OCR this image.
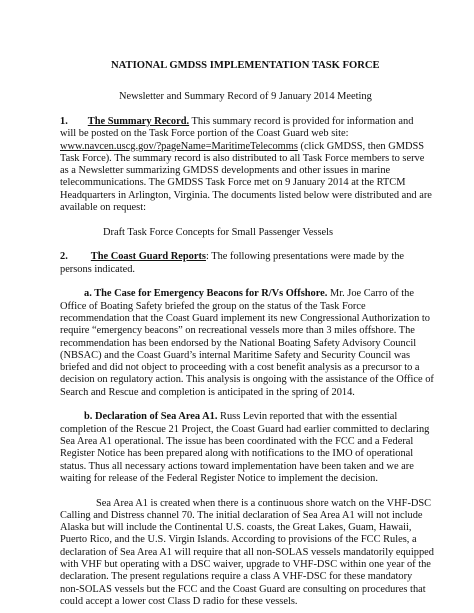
NATIONAL GMDSS IMPLEMENTATION TASK FORCE
Newsletter and Summary Record of 9 January 2014 Meeting
1. The Summary Record. This summary record is provided for information and
will be posted on the Task Force portion of the Coast Guard web site:
www.navcen.uscg.gov/?pageName=MaritimeTelecomms (click GMDSS, then GMDSS
Task Force). The summary record is also distributed to all Task Force members to serve
as a Newsletter summarizing GMDSS developments and other issues in marine
telecommunications. The GMDSS Task Force met on 9 January 2014 at the RTCM
Headquarters in Arlington, Virginia. The documents listed below were distributed and are
available on request:
Draft Task Force Concepts for Small Passenger Vessels
2. The Coast Guard Reports: The following presentations were made by the
persons indicated.
a. The Case for Emergency Beacons for R/Vs Offshore. Mr. Joe Carro of the
Office of Boating Safety briefed the group on the status of the Task Force
recommendation that the Coast Guard implement its new Congressional Authorization to
require “emergency beacons” on recreational vessels more than 3 miles offshore. The
recommendation has been endorsed by the National Boating Safety Advisory Council
(NBSAC) and the Coast Guard’s internal Maritime Safety and Security Council was
briefed and did not object to proceeding with a cost benefit analysis as a precursor to a
decision on regulatory action. This analysis is ongoing with the assistance of the Office of
Search and Rescue and completion is anticipated in the spring of 2014.
b. Declaration of Sea Area A1. Russ Levin reported that with the essential
completion of the Rescue 21 Project, the Coast Guard had earlier committed to declaring
Sea Area A1 operational. The issue has been coordinated with the FCC and a Federal
Register Notice has been prepared along with notifications to the IMO of operational
status. Thus all necessary actions toward implementation have been taken and we are
waiting for release of the Federal Register Notice to implement the decision.
Sea Area A1 is created when there is a continuous shore watch on the VHF-DSC
Calling and Distress channel 70. The initial declaration of Sea Area A1 will not include
Alaska but will include the Continental U.S. coasts, the Great Lakes, Guam, Hawaii,
Puerto Rico, and the U.S. Virgin Islands. According to provisions of the FCC Rules, a
declaration of Sea Area A1 will require that all non-SOLAS vessels mandatorily equipped
with VHF but operating with a DSC waiver, upgrade to VHF-DSC within one year of the
declaration. The present regulations require a class A VHF-DSC for these mandatory
non-SOLAS vessels but the FCC and the Coast Guard are consulting on procedures that
could accept a lower cost Class D radio for these vessels.
